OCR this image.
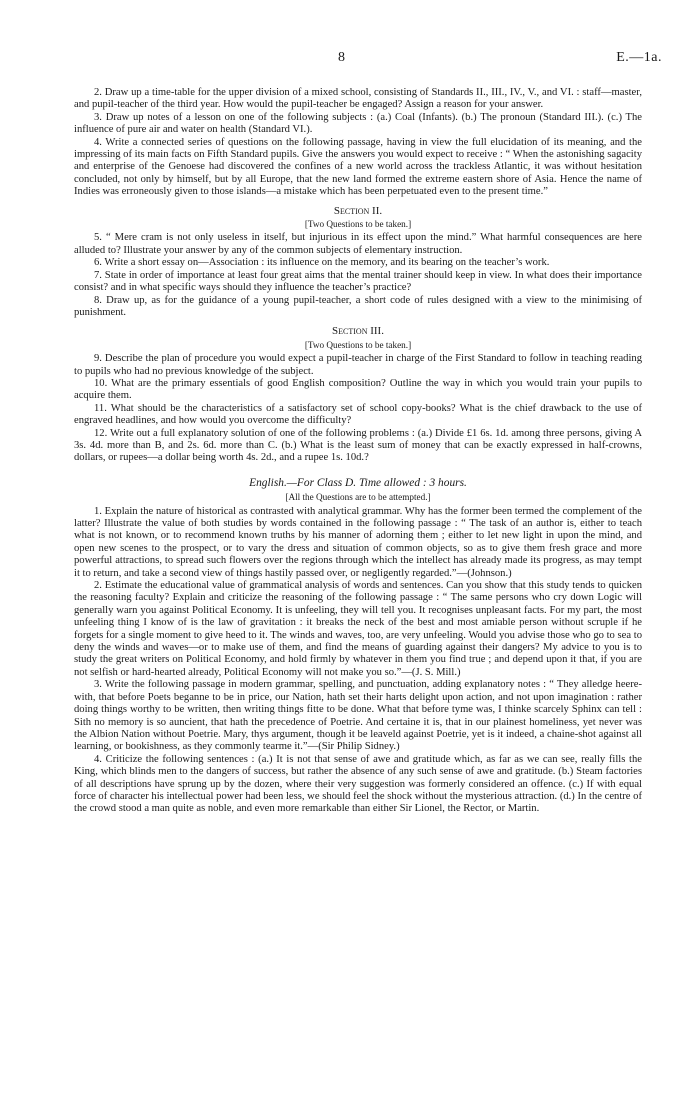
8	E.—1a.

2. Draw up a time-table for the upper division of a mixed school, consisting of Standards II., III., IV., V., and VI. : staff—master, and pupil-teacher of the third year. How would the pupil-teacher be engaged? Assign a reason for your answer.

3. Draw up notes of a lesson on one of the following subjects : (a.) Coal (Infants). (b.) The pronoun (Standard III.). (c.) The influence of pure air and water on health (Standard VI.).

4. Write a connected series of questions on the following passage, having in view the full elucidation of its meaning, and the impressing of its main facts on Fifth Standard pupils. Give the answers you would expect to receive : “ When the astonishing sagacity and enterprise of the Genoese had discovered the confines of a new world across the trackless Atlantic, it was without hesitation concluded, not only by himself, but by all Europe, that the new land formed the extreme eastern shore of Asia. Hence the name of Indies was erroneously given to those islands—a mistake which has been perpetuated even to the present time.”

Section II.
[Two Questions to be taken.]

5. “ Mere cram is not only useless in itself, but injurious in its effect upon the mind.” What harmful consequences are here alluded to? Illustrate your answer by any of the common subjects of elementary instruction.

6. Write a short essay on—Association : its influence on the memory, and its bearing on the teacher’s work.

7. State in order of importance at least four great aims that the mental trainer should keep in view. In what does their importance consist? and in what specific ways should they influence the teacher’s practice?

8. Draw up, as for the guidance of a young pupil-teacher, a short code of rules designed with a view to the minimising of punishment.

Section III.
[Two Questions to be taken.]

9. Describe the plan of procedure you would expect a pupil-teacher in charge of the First Standard to follow in teaching reading to pupils who had no previous knowledge of the subject.

10. What are the primary essentials of good English composition? Outline the way in which you would train your pupils to acquire them.

11. What should be the characteristics of a satisfactory set of school copy-books? What is the chief drawback to the use of engraved headlines, and how would you overcome the difficulty?

12. Write out a full explanatory solution of one of the following problems : (a.) Divide £1 6s. 1d. among three persons, giving A 3s. 4d. more than B, and 2s. 6d. more than C. (b.) What is the least sum of money that can be exactly expressed in half-crowns, dollars, or rupees—a dollar being worth 4s. 2d., and a rupee 1s. 10d.?

English.—For Class D. Time allowed : 3 hours.
[All the Questions are to be attempted.]

1. Explain the nature of historical as contrasted with analytical grammar. Why has the former been termed the complement of the latter? Illustrate the value of both studies by words contained in the following passage : “ The task of an author is, either to teach what is not known, or to recommend known truths by his manner of adorning them ; either to let new light in upon the mind, and open new scenes to the prospect, or to vary the dress and situation of common objects, so as to give them fresh grace and more powerful attractions, to spread such flowers over the regions through which the intellect has already made its progress, as may tempt it to return, and take a second view of things hastily passed over, or negligently regarded.”—(Johnson.)

2. Estimate the educational value of grammatical analysis of words and sentences. Can you show that this study tends to quicken the reasoning faculty? Explain and criticize the reasoning of the following passage : “ The same persons who cry down Logic will generally warn you against Political Economy. It is unfeeling, they will tell you. It recognises unpleasant facts. For my part, the most unfeeling thing I know of is the law of gravitation : it breaks the neck of the best and most amiable person without scruple if he forgets for a single moment to give heed to it. The winds and waves, too, are very unfeeling. Would you advise those who go to sea to deny the winds and waves—or to make use of them, and find the means of guarding against their dangers? My advice to you is to study the great writers on Political Economy, and hold firmly by whatever in them you find true ; and depend upon it that, if you are not selfish or hard-hearted already, Political Economy will not make you so.”—(J. S. Mill.)

3. Write the following passage in modern grammar, spelling, and punctuation, adding explanatory notes : “ They alledge heere-with, that before Poets beganne to be in price, our Nation, hath set their harts delight upon action, and not upon imagination : rather doing things worthy to be written, then writing things fitte to be done. What that before tyme was, I thinke scarcely Sphinx can tell : Sith no memory is so auncient, that hath the precedence of Poetrie. And certaine it is, that in our plainest homeliness, yet never was the Albion Nation without Poetrie. Mary, thys argument, though it be leaveld against Poetrie, yet is it indeed, a chaine-shot against all learning, or bookishness, as they commonly tearme it.”—(Sir Philip Sidney.)

4. Criticize the following sentences : (a.) It is not that sense of awe and gratitude which, as far as we can see, really fills the King, which blinds men to the dangers of success, but rather the absence of any such sense of awe and gratitude. (b.) Steam factories of all descriptions have sprung up by the dozen, where their very suggestion was formerly considered an offence. (c.) If with equal force of character his intellectual power had been less, we should feel the shock without the mysterious attraction. (d.) In the centre of the crowd stood a man quite as noble, and even more remarkable than either Sir Lionel, the Rector, or Martin.
